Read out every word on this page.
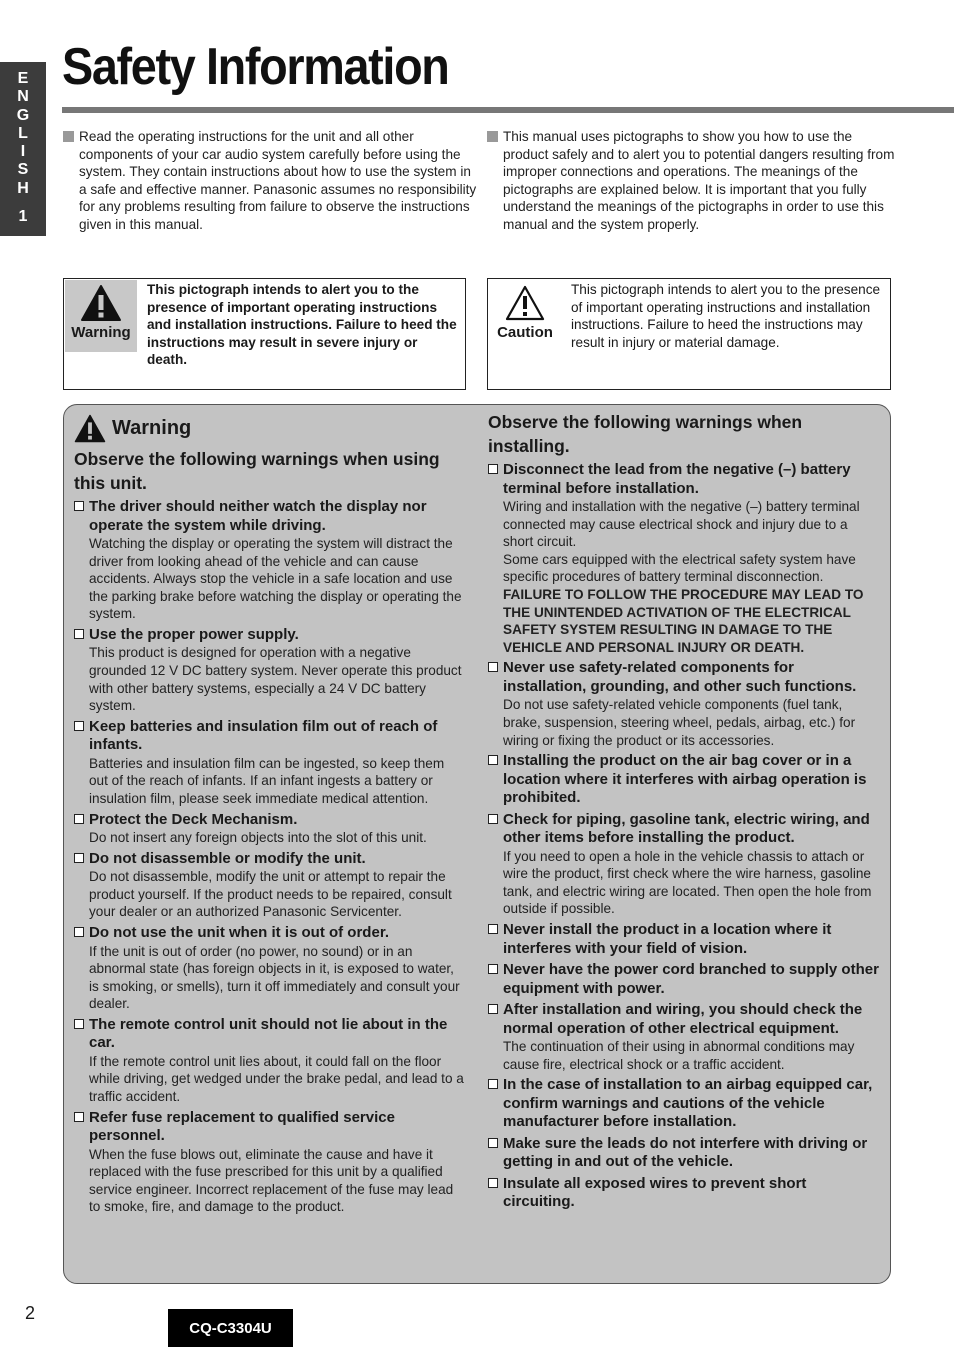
E
N
G
L
I
S
H
1
Safety Information
Read the operating instructions for the unit and all other components of your car audio system carefully before using the system. They contain instructions about how to use the system in a safe and effective manner. Panasonic assumes no responsibility for any problems resulting from failure to observe the instructions given in this manual.
This manual uses pictographs to show you how to use the product safely and to alert you to potential dangers resulting from improper connections and operations. The meanings of the pictographs are explained below. It is important that you fully understand the meanings of the pictographs in order to use this manual and the system properly.
Warning
This pictograph intends to alert you to the presence of important operating instructions and installation instructions. Failure to heed the instructions may result in severe injury or death.
Caution
This pictograph intends to alert you to the presence of important operating instructions and installation instructions. Failure to heed the instructions may result in injury or material damage.
Warning
Observe the following warnings when using this unit.
The driver should neither watch the display nor operate the system while driving.
Watching the display or operating the system will distract the driver from looking ahead of the vehicle and can cause accidents. Always stop the vehicle in a safe location and use the parking brake before watching the display or operating the system.
Use the proper power supply.
This product is designed for operation with a negative grounded 12 V DC battery system. Never operate this product with other battery systems, especially a 24 V DC battery system.
Keep batteries and insulation film out of reach of infants.
Batteries and insulation film can be ingested, so keep them out of the reach of infants. If an infant ingests a battery or insulation film, please seek immediate medical attention.
Protect the Deck Mechanism.
Do not insert any foreign objects into the slot of this unit.
Do not disassemble or modify the unit.
Do not disassemble, modify the unit or attempt to repair the product yourself. If the product needs to be repaired, consult your dealer or an authorized Panasonic Servicenter.
Do not use the unit when it is out of order.
If the unit is out of order (no power, no sound) or in an abnormal state (has foreign objects in it, is exposed to water, is smoking, or smells), turn it off immediately and consult your dealer.
The remote control unit should not lie about in the car.
If the remote control unit lies about, it could fall on the floor while driving, get wedged under the brake pedal, and lead to a traffic accident.
Refer fuse replacement to qualified service personnel.
When the fuse blows out, eliminate the cause and have it replaced with the fuse prescribed for this unit by a qualified service engineer. Incorrect replacement of the fuse may lead to smoke, fire, and damage to the product.
Observe the following warnings when installing.
Disconnect the lead from the negative (–) battery terminal before installation.

Wiring and installation with the negative (–) battery terminal connected may cause electrical shock and injury due to a short circuit.

Some cars equipped with the electrical safety system have specific procedures of battery terminal disconnection.

FAILURE TO FOLLOW THE PROCEDURE MAY LEAD TO THE UNINTENDED ACTIVATION OF THE ELECTRICAL SAFETY SYSTEM RESULTING IN DAMAGE TO THE VEHICLE AND PERSONAL INJURY OR DEATH.

Never use safety-related components for installation, grounding, and other such functions.
Do not use safety-related vehicle components (fuel tank, brake, suspension, steering wheel, pedals, airbag, etc.) for wiring or fixing the product or its accessories.
Installing the product on the air bag cover or in a location where it interferes with airbag operation is prohibited.
Check for piping, gasoline tank, electric wiring, and other items before installing the product.
If you need to open a hole in the vehicle chassis to attach or wire the product, first check where the wire harness, gasoline tank, and electric wiring are located. Then open the hole from outside if possible.
Never install the product in a location where it interferes with your field of vision.
Never have the power cord branched to supply other equipment with power.
After installation and wiring, you should check the normal operation of other electrical equipment.
The continuation of their using in abnormal conditions may cause fire, electrical shock or a traffic accident.
In the case of installation to an airbag equipped car, confirm warnings and cautions of the vehicle manufacturer before installation.
Make sure the leads do not interfere with driving or getting in and out of the vehicle.
Insulate all exposed wires to prevent short circuiting.
2
CQ-C3304U
